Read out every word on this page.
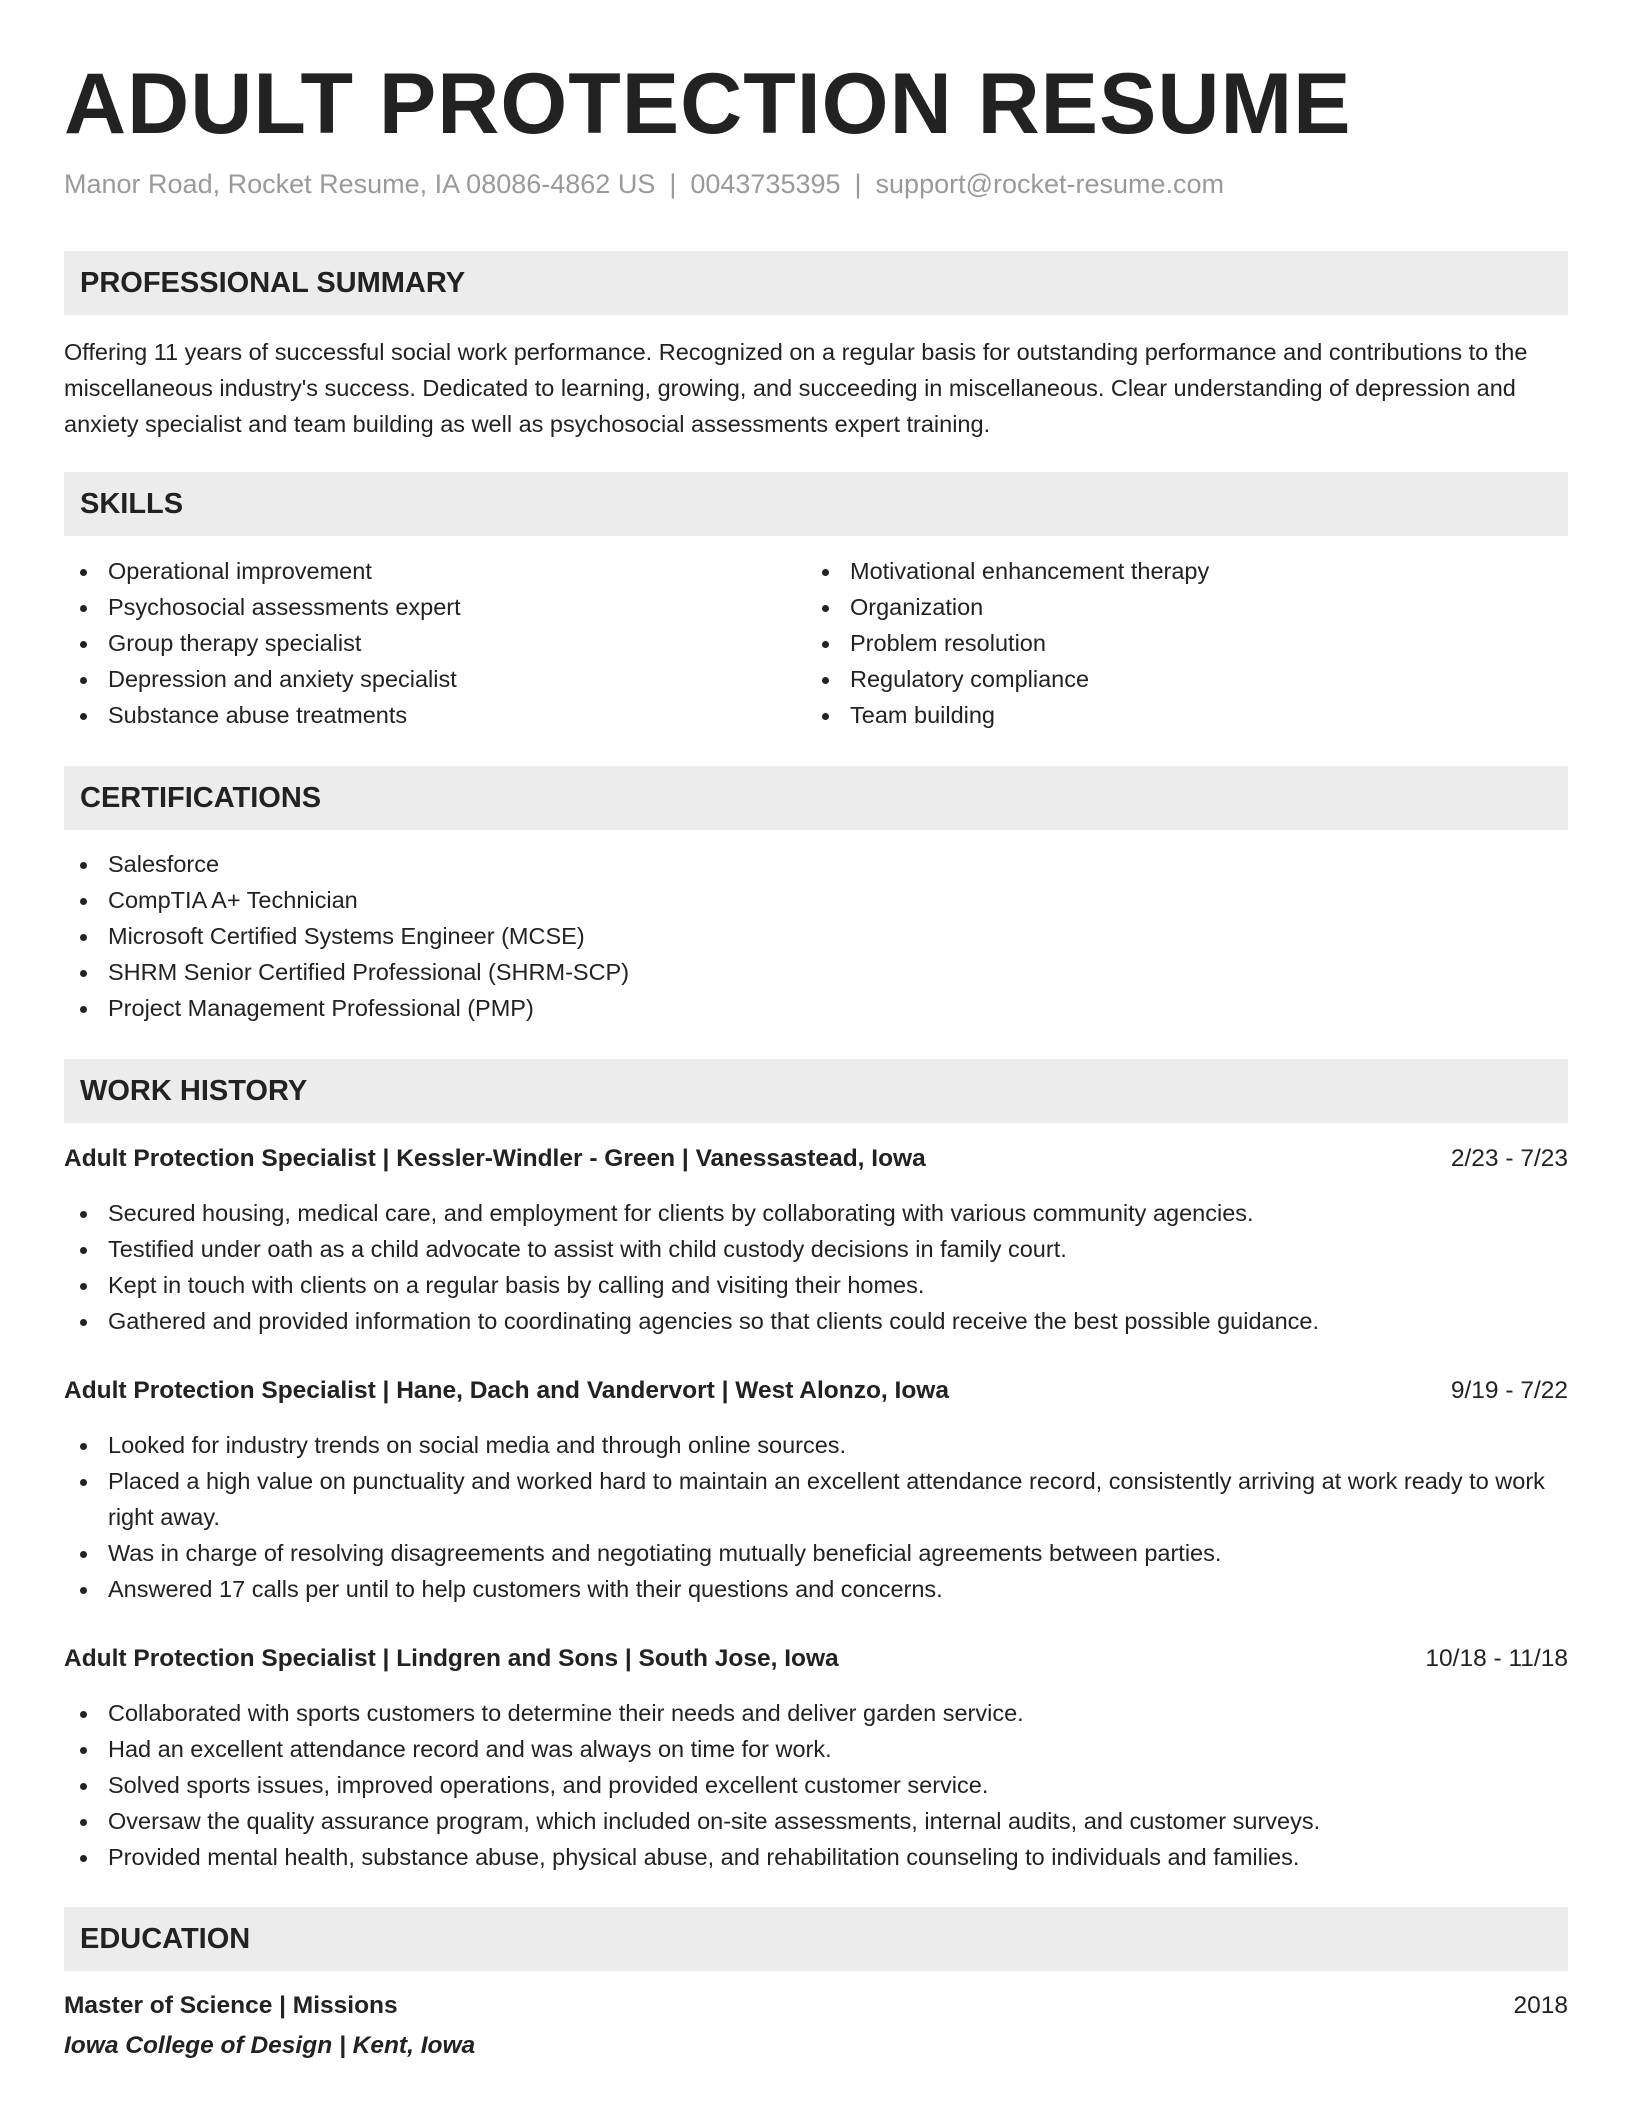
ADULT PROTECTION RESUME
Manor Road, Rocket Resume, IA 08086-4862 US | 0043735395 | support@rocket-resume.com
PROFESSIONAL SUMMARY

Offering 11 years of successful social work performance. Recognized on a regular basis for outstanding performance and contributions to the miscellaneous industry's success. Dedicated to learning, growing, and succeeding in miscellaneous. Clear understanding of depression and anxiety specialist and team building as well as psychosocial assessments expert training.

SKILLS
Operational improvement
Psychosocial assessments expert
Group therapy specialist
Depression and anxiety specialist
Substance abuse treatments
Motivational enhancement therapy
Organization
Problem resolution
Regulatory compliance
Team building
CERTIFICATIONS
Salesforce
CompTIA A+ Technician
Microsoft Certified Systems Engineer (MCSE)
SHRM Senior Certified Professional (SHRM-SCP)
Project Management Professional (PMP)
WORK HISTORY
Adult Protection Specialist | Kessler-Windler - Green | Vanessastead, Iowa	2/23 - 7/23
Secured housing, medical care, and employment for clients by collaborating with various community agencies.
Testified under oath as a child advocate to assist with child custody decisions in family court.
Kept in touch with clients on a regular basis by calling and visiting their homes.
Gathered and provided information to coordinating agencies so that clients could receive the best possible guidance.
Adult Protection Specialist | Hane, Dach and Vandervort | West Alonzo, Iowa	9/19 - 7/22
Looked for industry trends on social media and through online sources.
Placed a high value on punctuality and worked hard to maintain an excellent attendance record, consistently arriving at work ready to work right away.
Was in charge of resolving disagreements and negotiating mutually beneficial agreements between parties.
Answered 17 calls per until to help customers with their questions and concerns.
Adult Protection Specialist | Lindgren and Sons | South Jose, Iowa	10/18 - 11/18
Collaborated with sports customers to determine their needs and deliver garden service.
Had an excellent attendance record and was always on time for work.
Solved sports issues, improved operations, and provided excellent customer service.
Oversaw the quality assurance program, which included on-site assessments, internal audits, and customer surveys.
Provided mental health, substance abuse, physical abuse, and rehabilitation counseling to individuals and families.
EDUCATION
Master of Science | Missions	2018
Iowa College of Design | Kent, Iowa
